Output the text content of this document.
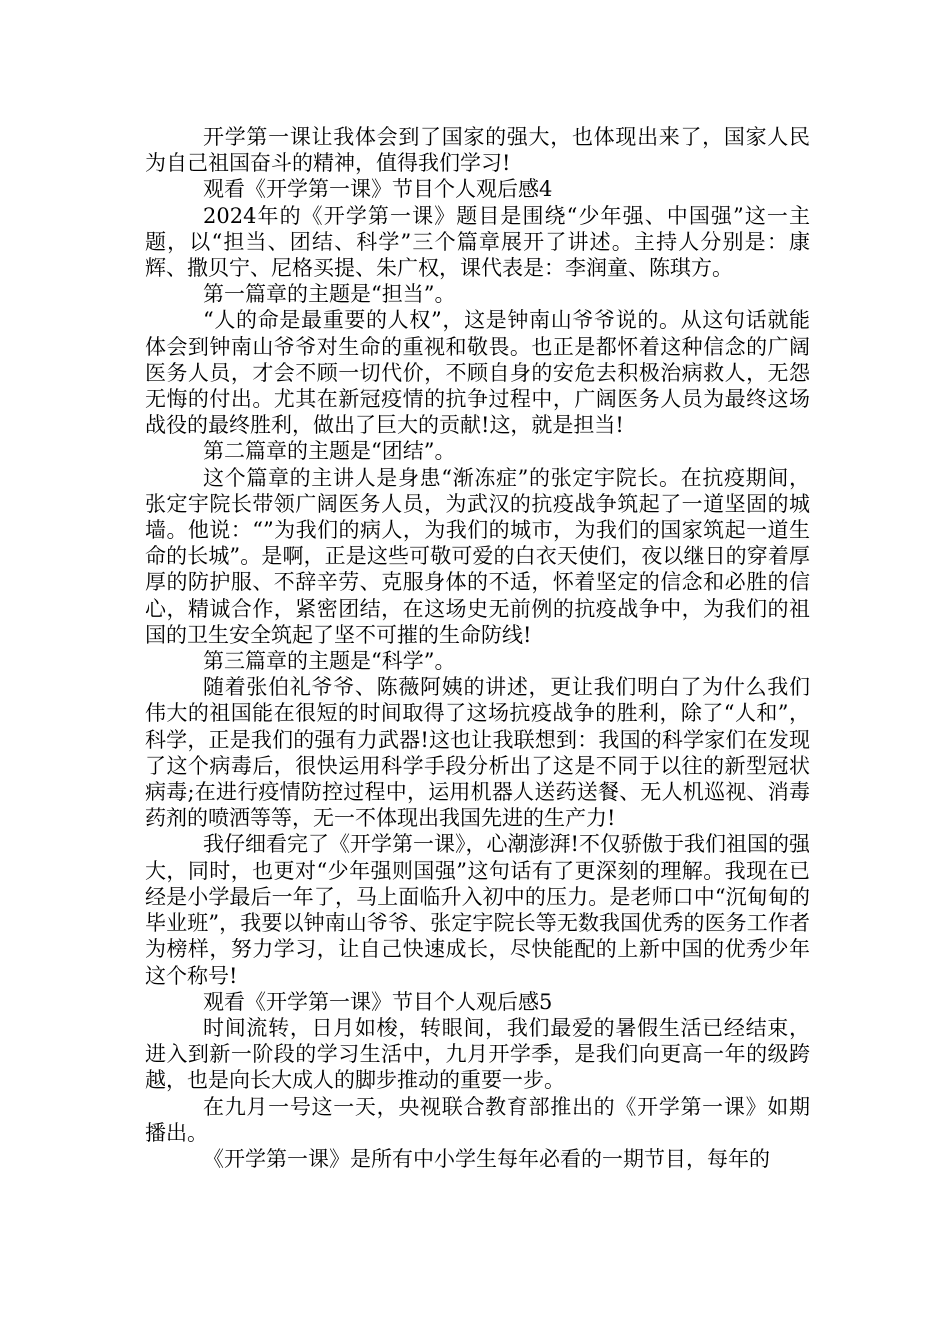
开学第一课让我体会到了国家的强大，也体现出来了，国家人民为自己祖国奋斗的精神，值得我们学习!

观看《开学第一课》节目个人观后感4

2024年的《开学第一课》题目是围绕“少年强、中国强”这一主题，以“担当、团结、科学”三个篇章展开了讲述。主持人分别是：康辉、撒贝宁、尼格买提、朱广权，课代表是：李润童、陈琪方。

第一篇章的主题是“担当”。

“人的命是最重要的人权”，这是钟南山爷爷说的。从这句话就能体会到钟南山爷爷对生命的重视和敬畏。也正是都怀着这种信念的广阔医务人员，才会不顾一切代价，不顾自身的安危去积极治病救人，无怨无悔的付出。尤其在新冠疫情的抗争过程中，广阔医务人员为最终这场战役的最终胜利，做出了巨大的贡献!这，就是担当!

第二篇章的主题是“团结”。

这个篇章的主讲人是身患“渐冻症”的张定宇院长。在抗疫期间，张定宇院长带领广阔医务人员，为武汉的抗疫战争筑起了一道坚固的城墙。他说：“”为我们的病人，为我们的城市，为我们的国家筑起一道生命的长城”。是啊，正是这些可敬可爱的白衣天使们，夜以继日的穿着厚厚的防护服、不辞辛劳、克服身体的不适，怀着坚定的信念和必胜的信心，精诚合作，紧密团结，在这场史无前例的抗疫战争中，为我们的祖国的卫生安全筑起了坚不可摧的生命防线!

第三篇章的主题是“科学”。

随着张伯礼爷爷、陈薇阿姨的讲述，更让我们明白了为什么我们伟大的祖国能在很短的时间取得了这场抗疫战争的胜利，除了“人和”，科学，正是我们的强有力武器!这也让我联想到：我国的科学家们在发现了这个病毒后，很快运用科学手段分析出了这是不同于以往的新型冠状病毒;在进行疫情防控过程中，运用机器人送药送餐、无人机巡视、消毒药剂的喷洒等等，无一不体现出我国先进的生产力!

我仔细看完了《开学第一课》，心潮澎湃!不仅骄傲于我们祖国的强大，同时，也更对“少年强则国强”这句话有了更深刻的理解。我现在已经是小学最后一年了，马上面临升入初中的压力。是老师口中“沉甸甸的毕业班”，我要以钟南山爷爷、张定宇院长等无数我国优秀的医务工作者为榜样，努力学习，让自己快速成长，尽快能配的上新中国的优秀少年这个称号!

观看《开学第一课》节目个人观后感5

时间流转，日月如梭，转眼间，我们最爱的暑假生活已经结束，进入到新一阶段的学习生活中，九月开学季，是我们向更高一年的级跨越，也是向长大成人的脚步推动的重要一步。

在九月一号这一天，央视联合教育部推出的《开学第一课》如期播出。

《开学第一课》是所有中小学生每年必看的一期节目，每年的
